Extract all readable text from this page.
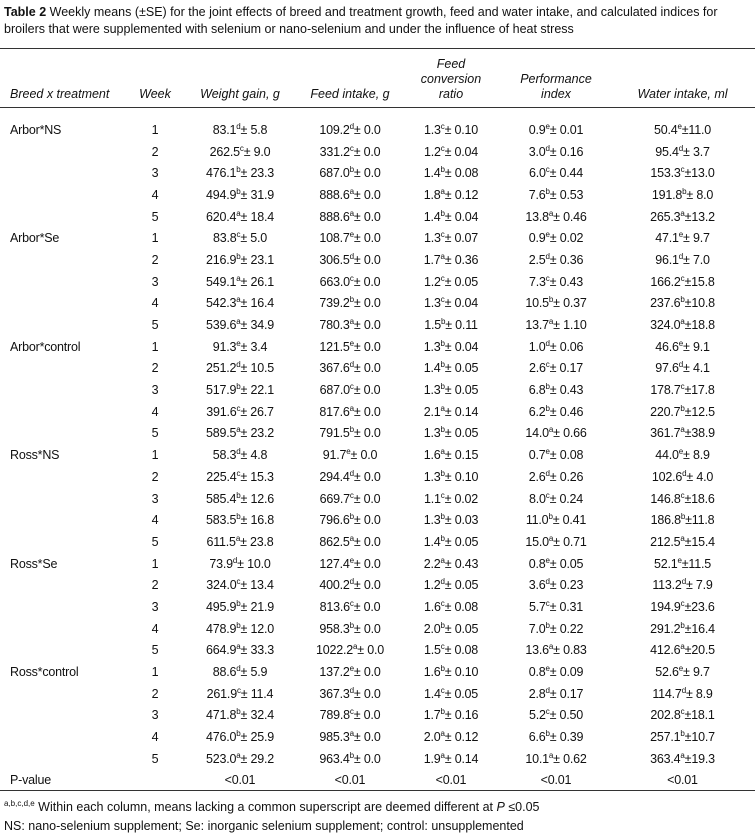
Table 2 Weekly means (±SE) for the joint effects of breed and treatment growth, feed and water intake, and calculated indices for broilers that were supplemented with selenium or nano-selenium and under the influence of heat stress
Breed x treatment	Week	Weight gain, g	Feed intake, g	Feed conversion ratio	Performance index	Water intake, ml

Arbor*NS	1	83.1$^d$± 5.8	109.2$^d$± 0.0	1.3$^c$± 0.10	0.9$^e$± 0.01	50.4$^e$±11.0
	2	262.5$^c$± 9.0	331.2$^c$± 0.0	1.2$^c$± 0.04	3.0$^d$± 0.16	95.4$^d$± 3.7
	3	476.1$^b$± 23.3	687.0$^b$± 0.0	1.4$^b$± 0.08	6.0$^c$± 0.44	153.3$^c$±13.0
	4	494.9$^b$± 31.9	888.6$^a$± 0.0	1.8$^a$± 0.12	7.6$^b$± 0.53	191.8$^b$± 8.0
	5	620.4$^a$± 18.4	888.6$^a$± 0.0	1.4$^b$± 0.04	13.8$^a$± 0.46	265.3$^a$±13.2
Arbor*Se	1	83.8$^c$± 5.0	108.7$^e$± 0.0	1.3$^c$± 0.07	0.9$^e$± 0.02	47.1$^e$± 9.7
	2	216.9$^b$± 23.1	306.5$^d$± 0.0	1.7$^a$± 0.36	2.5$^d$± 0.36	96.1$^d$± 7.0
	3	549.1$^a$± 26.1	663.0$^c$± 0.0	1.2$^c$± 0.05	7.3$^c$± 0.43	166.2$^c$±15.8
	4	542.3$^a$± 16.4	739.2$^b$± 0.0	1.3$^c$± 0.04	10.5$^b$± 0.37	237.6$^b$±10.8
	5	539.6$^a$± 34.9	780.3$^a$± 0.0	1.5$^b$± 0.11	13.7$^a$± 1.10	324.0$^a$±18.8
Arbor*control	1	91.3$^e$± 3.4	121.5$^e$± 0.0	1.3$^b$± 0.04	1.0$^d$± 0.06	46.6$^e$± 9.1
	2	251.2$^d$± 10.5	367.6$^d$± 0.0	1.4$^b$± 0.05	2.6$^c$± 0.17	97.6$^d$± 4.1
	3	517.9$^b$± 22.1	687.0$^c$± 0.0	1.3$^b$± 0.05	6.8$^b$± 0.43	178.7$^c$±17.8
	4	391.6$^c$± 26.7	817.6$^a$± 0.0	2.1$^a$± 0.14	6.2$^b$± 0.46	220.7$^b$±12.5
	5	589.5$^a$± 23.2	791.5$^b$± 0.0	1.3$^b$± 0.05	14.0$^a$± 0.66	361.7$^a$±38.9
Ross*NS	1	58.3$^d$± 4.8	91.7$^e$± 0.0	1.6$^a$± 0.15	0.7$^e$± 0.08	44.0$^e$± 8.9
	2	225.4$^c$± 15.3	294.4$^d$± 0.0	1.3$^b$± 0.10	2.6$^d$± 0.26	102.6$^d$± 4.0
	3	585.4$^b$± 12.6	669.7$^c$± 0.0	1.1$^c$± 0.02	8.0$^c$± 0.24	146.8$^c$±18.6
	4	583.5$^b$± 16.8	796.6$^b$± 0.0	1.3$^b$± 0.03	11.0$^b$± 0.41	186.8$^b$±11.8
	5	611.5$^a$± 23.8	862.5$^a$± 0.0	1.4$^b$± 0.05	15.0$^a$± 0.71	212.5$^a$±15.4
Ross*Se	1	73.9$^d$± 10.0	127.4$^e$± 0.0	2.2$^a$± 0.43	0.8$^e$± 0.05	52.1$^e$±11.5
	2	324.0$^c$± 13.4	400.2$^d$± 0.0	1.2$^d$± 0.05	3.6$^d$± 0.23	113.2$^d$± 7.9
	3	495.9$^b$± 21.9	813.6$^c$± 0.0	1.6$^c$± 0.08	5.7$^c$± 0.31	194.9$^c$±23.6
	4	478.9$^b$± 12.0	958.3$^b$± 0.0	2.0$^b$± 0.05	7.0$^b$± 0.22	291.2$^b$±16.4
	5	664.9$^a$± 33.3	1022.2$^a$± 0.0	1.5$^c$± 0.08	13.6$^a$± 0.83	412.6$^a$±20.5
Ross*control	1	88.6$^d$± 5.9	137.2$^e$± 0.0	1.6$^b$± 0.10	0.8$^e$± 0.09	52.6$^e$± 9.7
	2	261.9$^c$± 11.4	367.3$^d$± 0.0	1.4$^c$± 0.05	2.8$^d$± 0.17	114.7$^d$± 8.9
	3	471.8$^b$± 32.4	789.8$^c$± 0.0	1.7$^b$± 0.16	5.2$^c$± 0.50	202.8$^c$±18.1
	4	476.0$^b$± 25.9	985.3$^a$± 0.0	2.0$^a$± 0.12	6.6$^b$± 0.39	257.1$^b$±10.7
	5	523.0$^a$± 29.2	963.4$^b$± 0.0	1.9$^a$± 0.14	10.1$^a$± 0.62	363.4$^a$±19.3
P-value		<0.01	<0.01	<0.01	<0.01	<0.01
$^{a,b,c,d,e}$ Within each column, means lacking a common superscript are deemed different at P ≤0.05
NS: nano-selenium supplement; Se: inorganic selenium supplement; control: unsupplemented
